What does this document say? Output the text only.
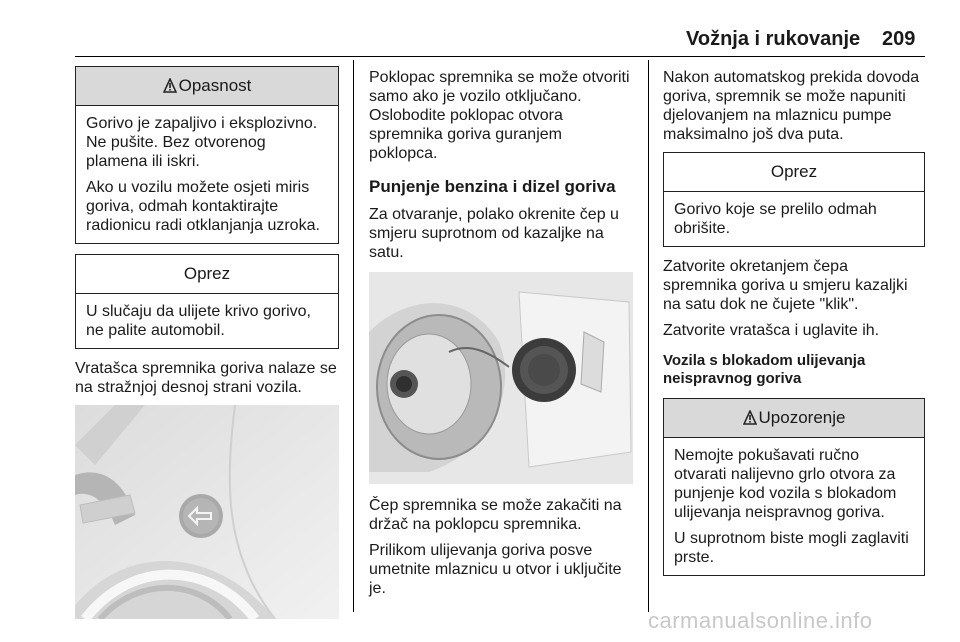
Vožnja i rukovanje 209
Opasnost

Gorivo je zapaljivo i eksplozivno. Ne pušite. Bez otvorenog plamena ili iskri.

Ako u vozilu možete osjeti miris goriva, odmah kontaktirajte radionicu radi otklanjanja uzroka.

Oprez

U slučaju da ulijete krivo gorivo, ne palite automobil.

Vratašca spremnika goriva nalaze se na stražnjoj desnoj strani vozila.

Poklopac spremnika se može otvoriti samo ako je vozilo otključano. Oslobodite poklopac otvora spremnika goriva guranjem poklopca.

Punjenje benzina i dizel goriva

Za otvaranje, polako okrenite čep u smjeru suprotnom od kazaljke na satu.

Čep spremnika se može zakačiti na držač na poklopcu spremnika.

Prilikom ulijevanja goriva posve umetnite mlaznicu u otvor i uključite je.

Nakon automatskog prekida dovoda goriva, spremnik se može napuniti djelovanjem na mlaznicu pumpe maksimalno još dva puta.

Oprez

Gorivo koje se prelilo odmah obrišite.

Zatvorite okretanjem čepa spremnika goriva u smjeru kazaljki na satu dok ne čujete "klik".

Zatvorite vratašca i uglavite ih.

Vozila s blokadom ulijevanja neispravnog goriva
Upozorenje

Nemojte pokušavati ručno otvarati nalijevno grlo otvora za punjenje kod vozila s blokadom ulijevanja neispravnog goriva.

U suprotnom biste mogli zaglaviti prste.

carmanualsonline.info
